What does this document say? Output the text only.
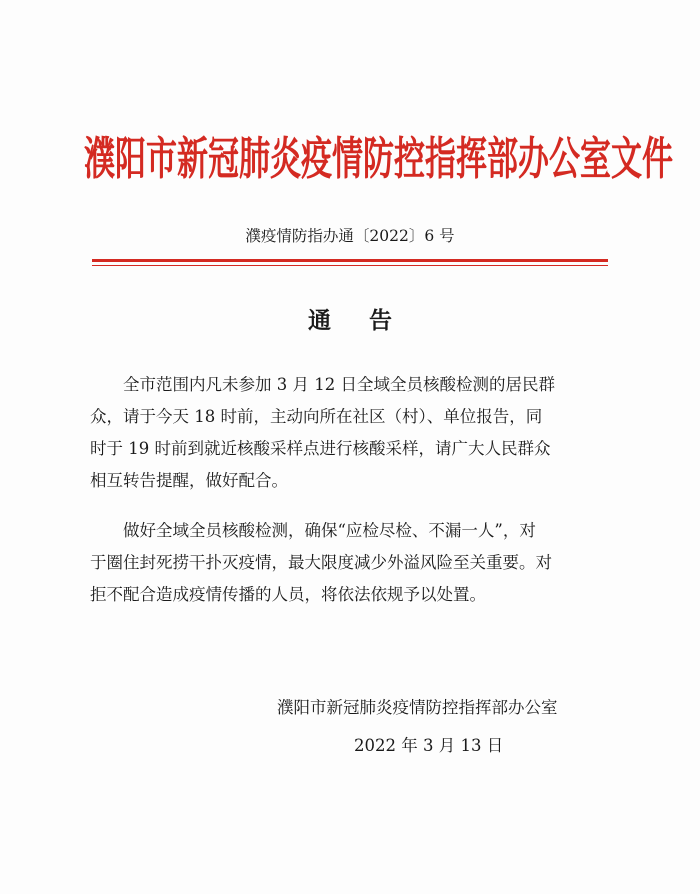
濮阳市新冠肺炎疫情防控指挥部办公室文件
濮疫情防指办通〔2022〕6 号
通告
全市范围内凡未参加 3 月 12 日全域全员核酸检测的居民群
众，请于今天 18 时前，主动向所在社区（村）、单位报告，同
时于 19 时前到就近核酸采样点进行核酸采样，请广大人民群众
相互转告提醒，做好配合。
做好全域全员核酸检测，确保“应检尽检、不漏一人”，对
于圈住封死捞干扑灭疫情，最大限度减少外溢风险至关重要。对
拒不配合造成疫情传播的人员，将依法依规予以处置。
濮阳市新冠肺炎疫情防控指挥部办公室
2022 年 3 月 13 日
